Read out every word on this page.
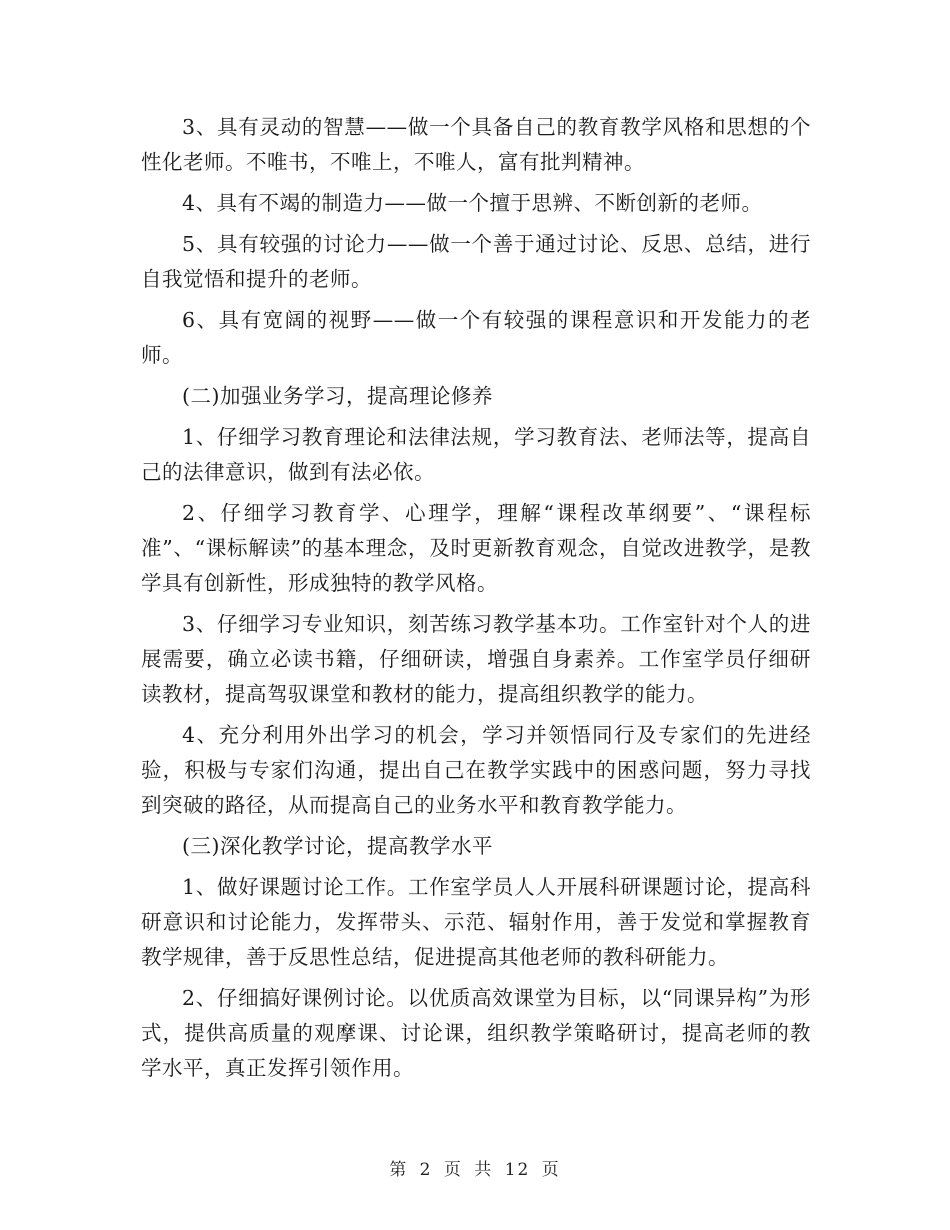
3、具有灵动的智慧——做一个具备自己的教育教学风格和思想的个性化老师。不唯书，不唯上，不唯人，富有批判精神。

4、具有不竭的制造力——做一个擅于思辨、不断创新的老师。

5、具有较强的讨论力——做一个善于通过讨论、反思、总结，进行自我觉悟和提升的老师。

6、具有宽阔的视野——做一个有较强的课程意识和开发能力的老师。

(二)加强业务学习，提高理论修养

1、仔细学习教育理论和法律法规，学习教育法、老师法等，提高自己的法律意识，做到有法必依。

2、仔细学习教育学、心理学，理解“课程改革纲要”、“课程标准”、“课标解读”的基本理念，及时更新教育观念，自觉改进教学，是教学具有创新性，形成独特的教学风格。

3、仔细学习专业知识，刻苦练习教学基本功。工作室针对个人的进展需要，确立必读书籍，仔细研读，增强自身素养。工作室学员仔细研读教材，提高驾驭课堂和教材的能力，提高组织教学的能力。

4、充分利用外出学习的机会，学习并领悟同行及专家们的先进经验，积极与专家们沟通，提出自己在教学实践中的困惑问题，努力寻找到突破的路径，从而提高自己的业务水平和教育教学能力。

(三)深化教学讨论，提高教学水平

1、做好课题讨论工作。工作室学员人人开展科研课题讨论，提高科研意识和讨论能力，发挥带头、示范、辐射作用，善于发觉和掌握教育教学规律，善于反思性总结，促进提高其他老师的教科研能力。

2、仔细搞好课例讨论。以优质高效课堂为目标，以“同课异构”为形式，提供高质量的观摩课、讨论课，组织教学策略研讨，提高老师的教学水平，真正发挥引领作用。

第 2 页 共 12 页
